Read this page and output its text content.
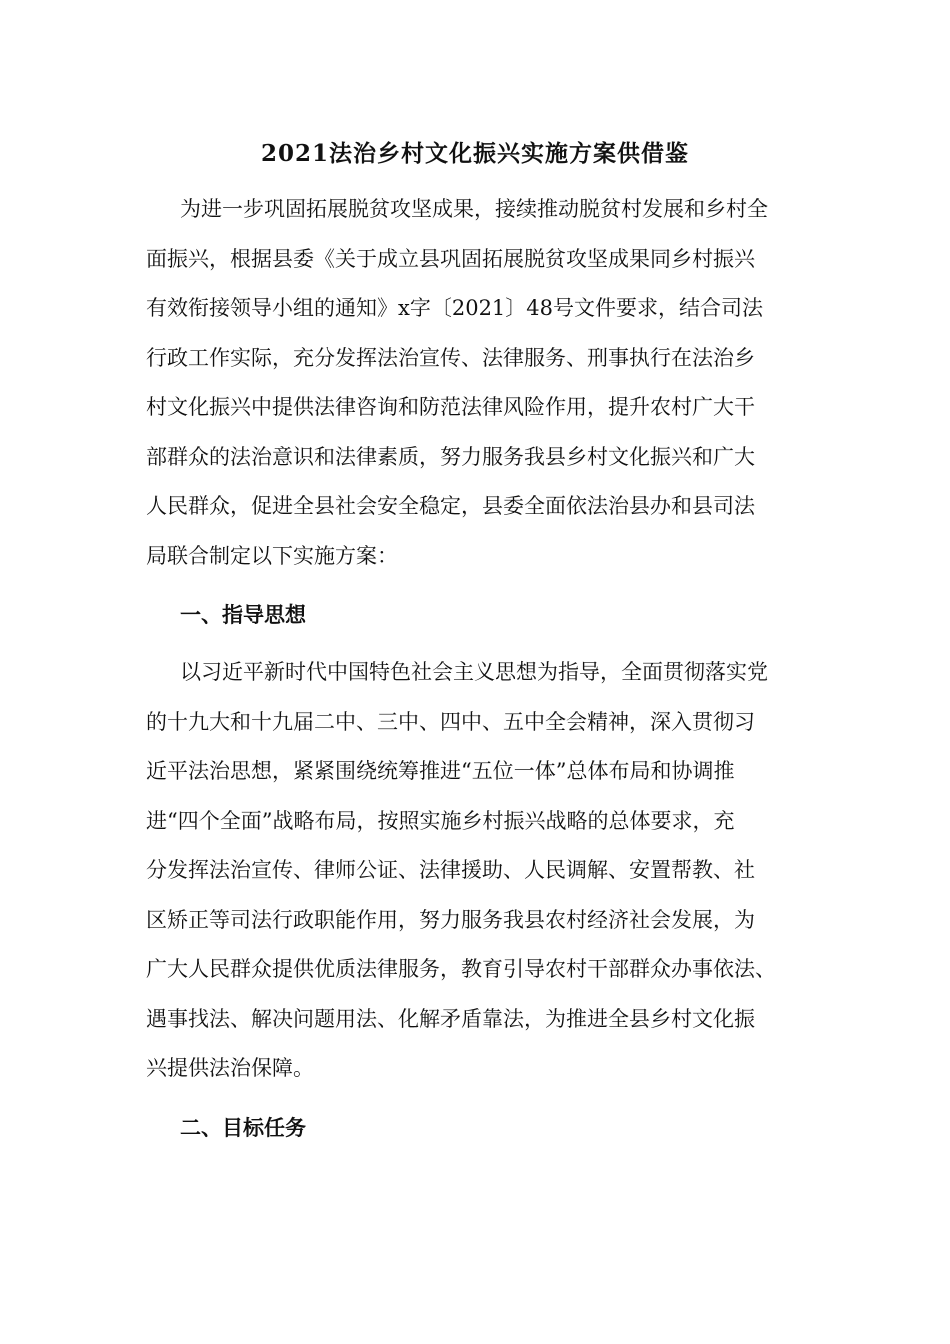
2021法治乡村文化振兴实施方案供借鉴
为进一步巩固拓展脱贫攻坚成果，接续推动脱贫村发展和乡村全
面振兴，根据县委《关于成立县巩固拓展脱贫攻坚成果同乡村振兴
有效衔接领导小组的通知》x字〔2021〕48号文件要求，结合司法
行政工作实际，充分发挥法治宣传、法律服务、刑事执行在法治乡
村文化振兴中提供法律咨询和防范法律风险作用，提升农村广大干
部群众的法治意识和法律素质，努力服务我县乡村文化振兴和广大
人民群众，促进全县社会安全稳定，县委全面依法治县办和县司法
局联合制定以下实施方案：
一、指导思想
以习近平新时代中国特色社会主义思想为指导，全面贯彻落实党
的十九大和十九届二中、三中、四中、五中全会精神，深入贯彻习
近平法治思想，紧紧围绕统筹推进“五位一体”总体布局和协调推
进“四个全面”战略布局，按照实施乡村振兴战略的总体要求，充
分发挥法治宣传、律师公证、法律援助、人民调解、安置帮教、社
区矫正等司法行政职能作用，努力服务我县农村经济社会发展，为
广大人民群众提供优质法律服务，教育引导农村干部群众办事依法、
遇事找法、解决问题用法、化解矛盾靠法，为推进全县乡村文化振
兴提供法治保障。
二、目标任务
